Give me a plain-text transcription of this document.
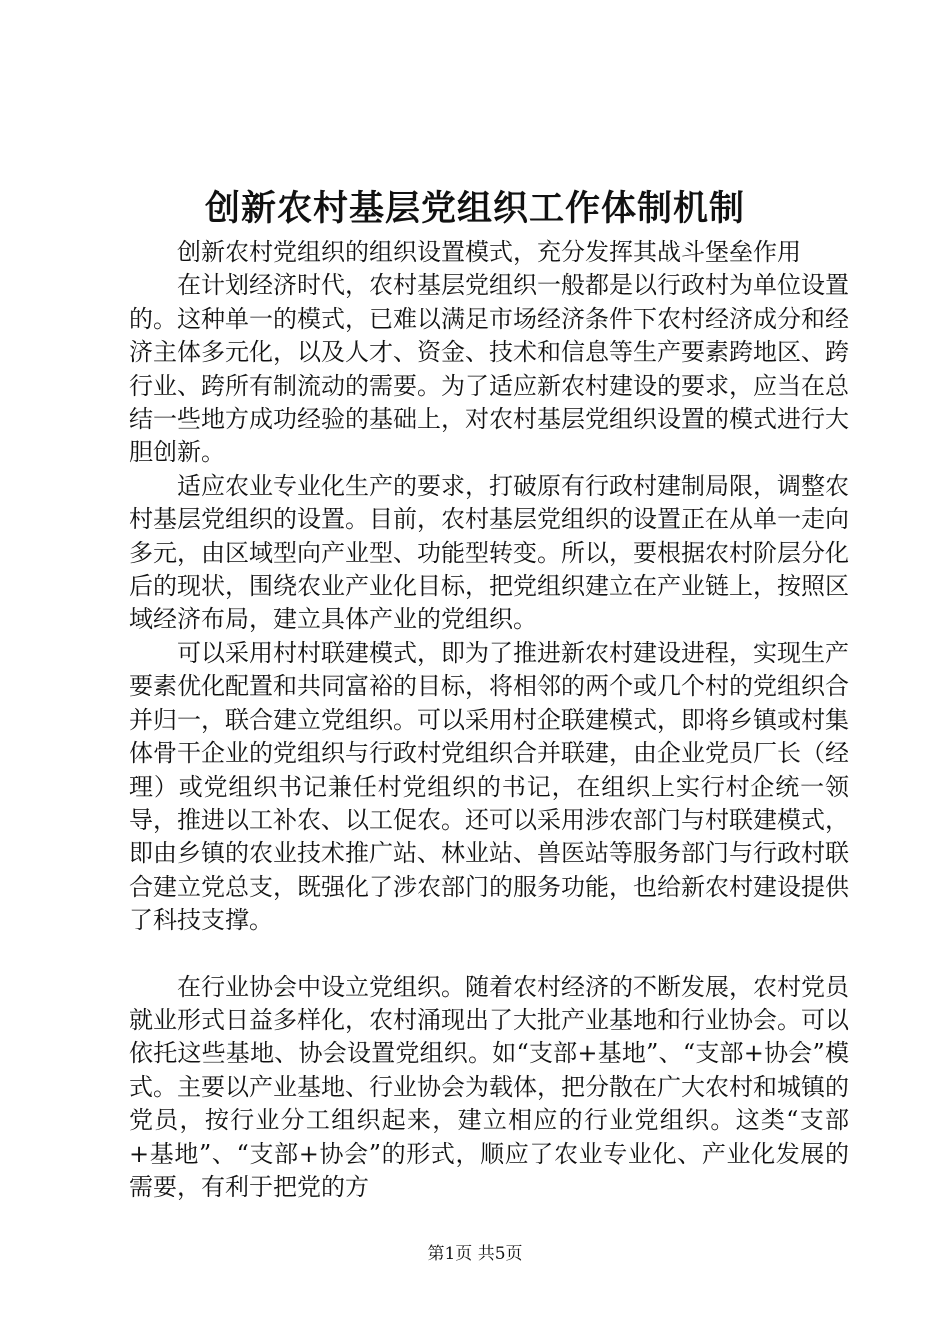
创新农村基层党组织工作体制机制

创新农村党组织的组织设置模式，充分发挥其战斗堡垒作用

在计划经济时代，农村基层党组织一般都是以行政村为单位设置的。这种单一的模式，已难以满足市场经济条件下农村经济成分和经济主体多元化，以及人才、资金、技术和信息等生产要素跨地区、跨行业、跨所有制流动的需要。为了适应新农村建设的要求，应当在总结一些地方成功经验的基础上，对农村基层党组织设置的模式进行大胆创新。

适应农业专业化生产的要求，打破原有行政村建制局限，调整农村基层党组织的设置。目前，农村基层党组织的设置正在从单一走向多元，由区域型向产业型、功能型转变。所以，要根据农村阶层分化后的现状，围绕农业产业化目标，把党组织建立在产业链上，按照区域经济布局，建立具体产业的党组织。

可以采用村村联建模式，即为了推进新农村建设进程，实现生产要素优化配置和共同富裕的目标，将相邻的两个或几个村的党组织合并归一，联合建立党组织。可以采用村企联建模式，即将乡镇或村集体骨干企业的党组织与行政村党组织合并联建，由企业党员厂长（经理）或党组织书记兼任村党组织的书记，在组织上实行村企统一领导，推进以工补农、以工促农。还可以采用涉农部门与村联建模式，即由乡镇的农业技术推广站、林业站、兽医站等服务部门与行政村联合建立党总支，既强化了涉农部门的服务功能，也给新农村建设提供了科技支撑。

在行业协会中设立党组织。随着农村经济的不断发展，农村党员就业形式日益多样化，农村涌现出了大批产业基地和行业协会。可以依托这些基地、协会设置党组织。如“支部+基地”、“支部+协会”模式。主要以产业基地、行业协会为载体，把分散在广大农村和城镇的党员，按行业分工组织起来，建立相应的行业党组织。这类“支部+基地”、“支部+协会”的形式，顺应了农业专业化、产业化发展的需要，有利于把党的方

第1页 共5页
